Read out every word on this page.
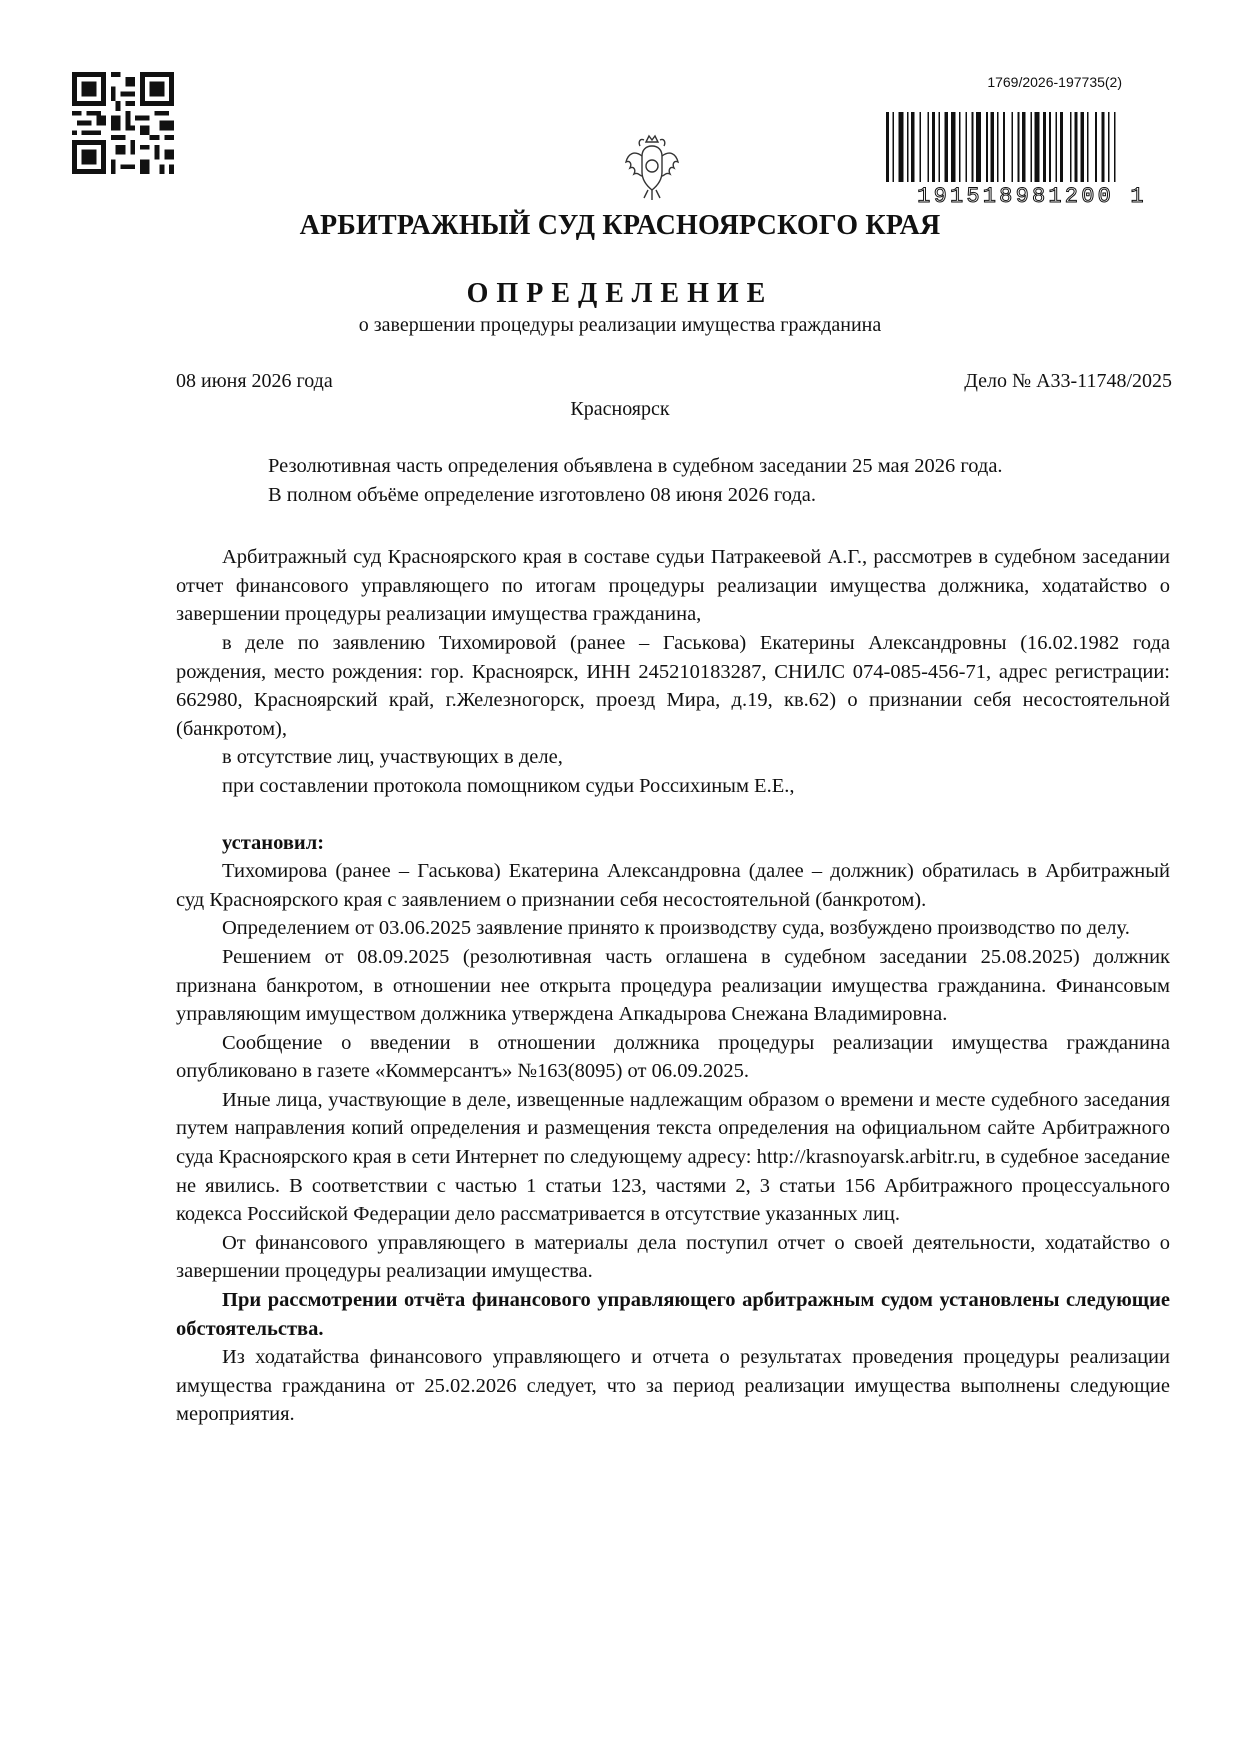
1769/2026-197735(2)
191518981200 1
АРБИТРАЖНЫЙ СУД КРАСНОЯРСКОГО КРАЯ
ОПРЕДЕЛЕНИЕ
о завершении процедуры реализации имущества гражданина
08 июня 2026 года	Дело № А33-11748/2025
Красноярск

Резолютивная часть определения объявлена в судебном заседании 25 мая 2026 года.

В полном объёме определение изготовлено 08 июня 2026 года.

Арбитражный суд Красноярского края в составе судьи Патракеевой А.Г., рассмотрев в судебном заседании отчет финансового управляющего по итогам процедуры реализации имущества должника, ходатайство о завершении процедуры реализации имущества гражданина,

в деле по заявлению Тихомировой (ранее – Гаськова) Екатерины Александровны (16.02.1982 года рождения, место рождения: гор. Красноярск, ИНН 245210183287, СНИЛС 074-085-456-71, адрес регистрации: 662980, Красноярский край, г.Железногорск, проезд Мира, д.19, кв.62) о признании себя несостоятельной (банкротом),

в отсутствие лиц, участвующих в деле,

при составлении протокола помощником судьи Россихиным Е.Е.,

установил:

Тихомирова (ранее – Гаськова) Екатерина Александровна (далее – должник) обратилась в Арбитражный суд Красноярского края с заявлением о признании себя несостоятельной (банкротом).

Определением от 03.06.2025 заявление принято к производству суда, возбуждено производство по делу.

Решением от 08.09.2025 (резолютивная часть оглашена в судебном заседании 25.08.2025) должник признана банкротом, в отношении нее открыта процедура реализации имущества гражданина. Финансовым управляющим имуществом должника утверждена Апкадырова Снежана Владимировна.

Сообщение о введении в отношении должника процедуры реализации имущества гражданина опубликовано в газете «Коммерсантъ» №163(8095) от 06.09.2025.

Иные лица, участвующие в деле, извещенные надлежащим образом о времени и месте судебного заседания путем направления копий определения и размещения текста определения на официальном сайте Арбитражного суда Красноярского края в сети Интернет по следующему адресу: http://krasnoyarsk.arbitr.ru, в судебное заседание не явились. В соответствии с частью 1 статьи 123, частями 2, 3 статьи 156 Арбитражного процессуального кодекса Российской Федерации дело рассматривается в отсутствие указанных лиц.

От финансового управляющего в материалы дела поступил отчет о своей деятельности, ходатайство о завершении процедуры реализации имущества.

При рассмотрении отчёта финансового управляющего арбитражным судом установлены следующие обстоятельства.

Из ходатайства финансового управляющего и отчета о результатах проведения процедуры реализации имущества гражданина от 25.02.2026 следует, что за период реализации имущества выполнены следующие мероприятия.
